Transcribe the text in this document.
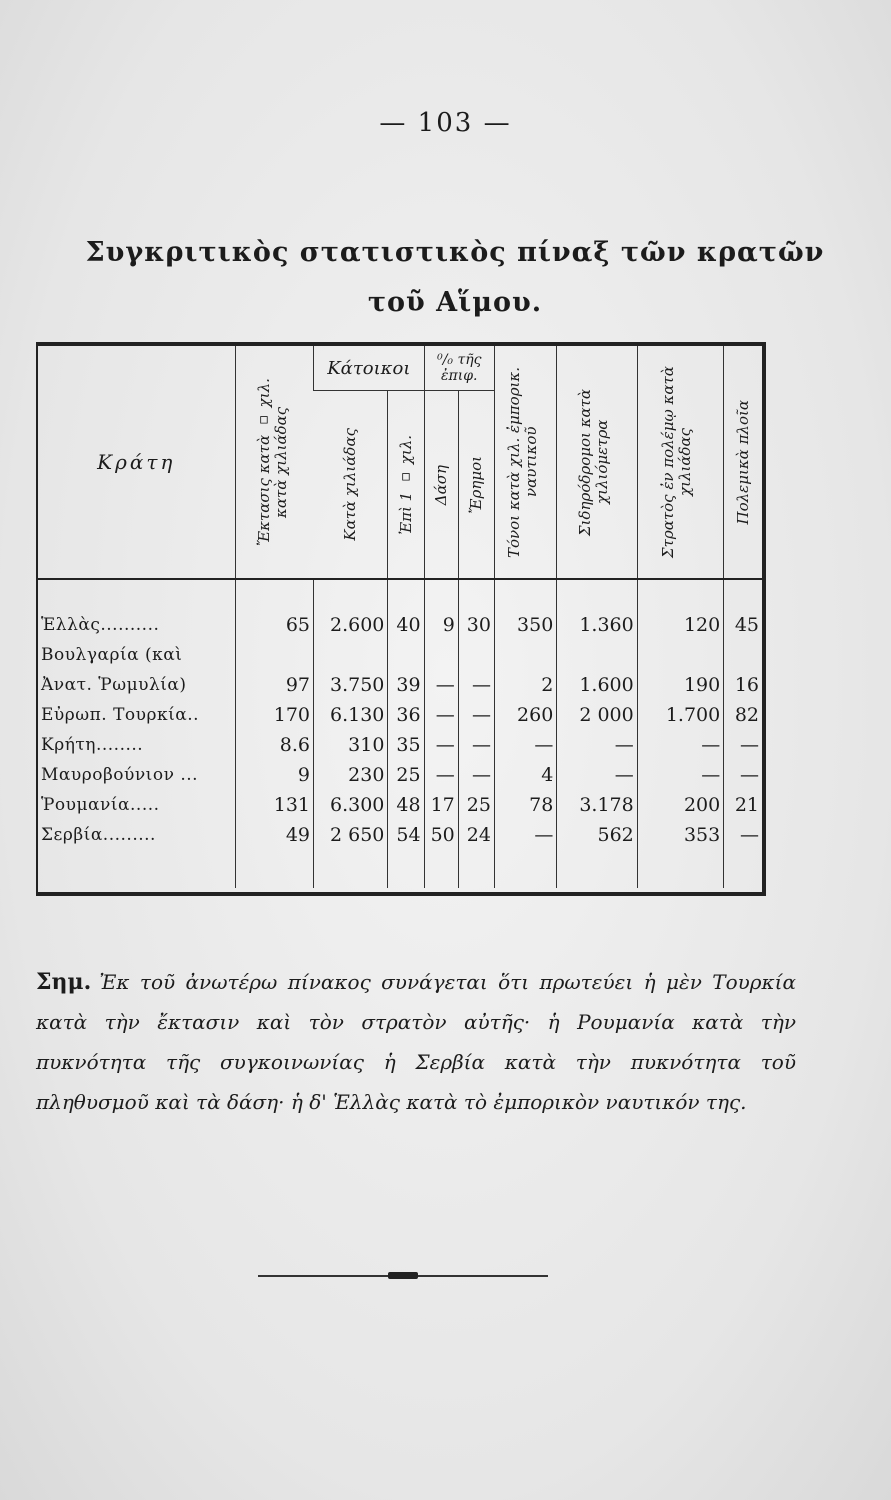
— 103 —
Συγκριτικὸς στατιστικὸς πίναξ τῶν κρατῶν
τοῦ Αἵμου.
Κράτη	Ἔκτασις κατὰ ▫ χιλ. κατὰ χιλιάδας	Κάτοικοι		⁰/₀ τῆς ἐπιφ.		Τόνοι κατὰ χιλ. ἐμπορικ. ναυτικοῦ	Σιδηρόδρομοι κατὰ χιλιόμετρα	Στρατὸς ἐν πολέμῳ κατὰ χιλιάδας	Πολεμικὰ πλοῖα

		Κατὰ χιλιάδας	Ἐπὶ 1 ▫ χιλ.	Δάση	Ἔρημοι				

Ἑλλὰς..........	65	2.600	40	9	30	350	1.360	120	45
Βουλγαρία (καὶ									
Ἀνατ. Ῥωμυλία)	97	3.750	39	—	—	2	1.600	190	16
Εὐρωπ. Τουρκία..	170	6.130	36	—	—	260	2 000	1.700	82
Κρήτη........	8.6	310	35	—	—	—	—	—	—
Μαυροβούνιον ...	9	230	25	—	—	4	—	—	—
Ῥουμανία.....	131	6.300	48	17	25	78	3.178	200	21
Σερβία.........	49	2 650	54	50	24	—	562	353	—

Σημ. Ἐκ τοῦ ἀνωτέρω πίνακος συνάγεται ὅτι πρωτεύει ἡ μὲν Τουρκία κατὰ τὴν ἔκτασιν καὶ τὸν στρατὸν αὐτῆς· ἡ Ρουμανία κατὰ τὴν πυκνότητα τῆς συγκοινωνίας ἡ Σερβία κατὰ τὴν πυκνότητα τοῦ πληθυσμοῦ καὶ τὰ δάση· ἡ δ' Ἑλλὰς κατὰ τὸ ἐμπορικὸν ναυτικόν της.
